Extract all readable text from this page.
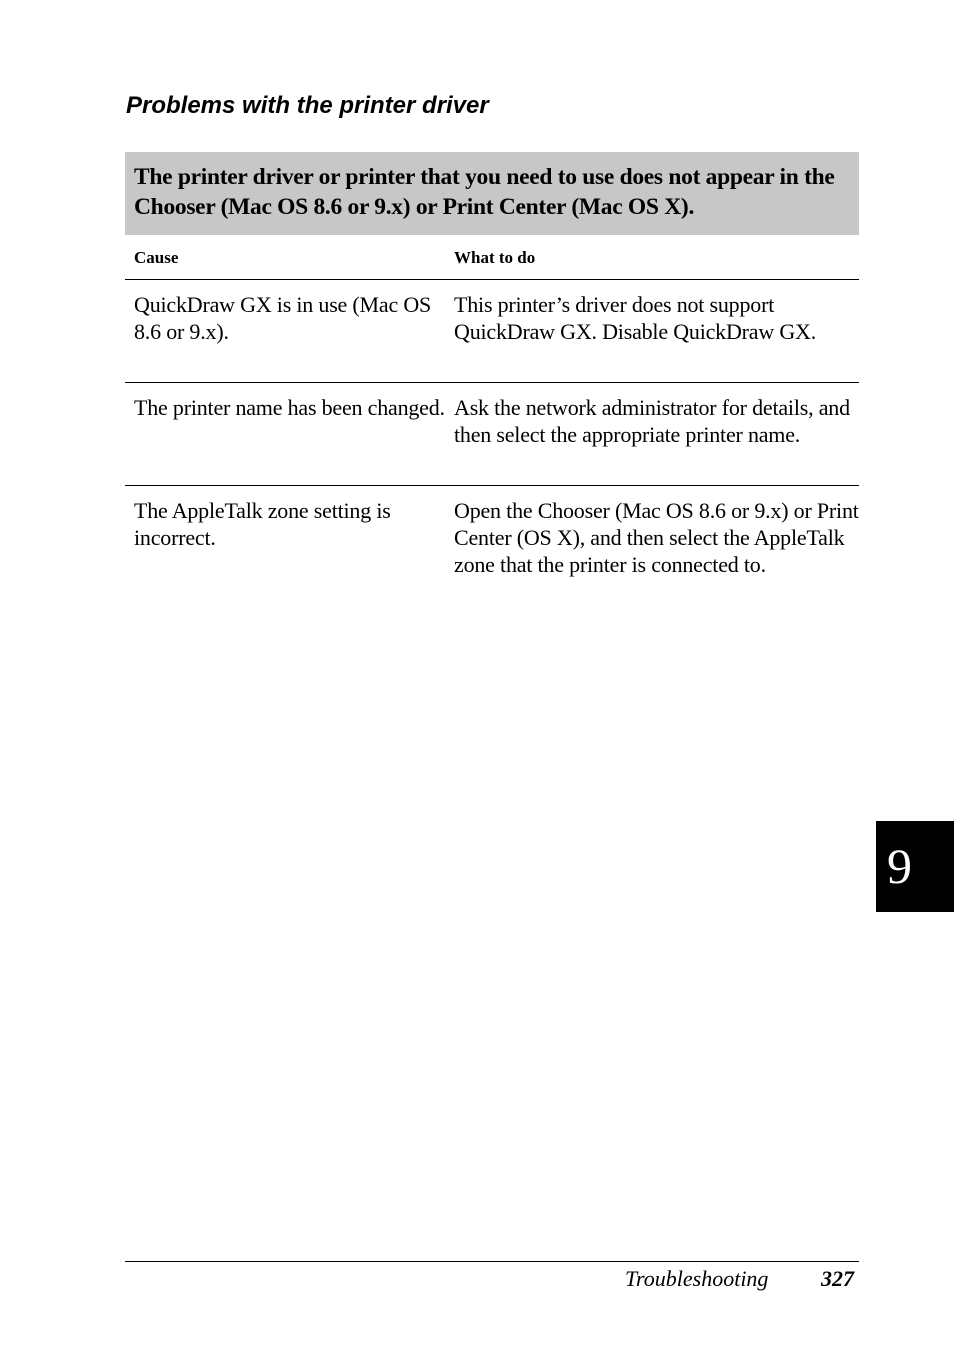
Problems with the printer driver
The printer driver or printer that you need to use does not appear in the Chooser (Mac OS 8.6 or 9.x) or Print Center (Mac OS X).
Cause	What to do
QuickDraw GX is in use (Mac OS 8.6 or 9.x).
This printer’s driver does not support QuickDraw GX. Disable QuickDraw GX.
The printer name has been changed. Ask the network administrator for details, and then select the appropriate printer name.
The AppleTalk zone setting is incorrect.
Open the Chooser (Mac OS 8.6 or 9.x) or Print Center (OS X), and then select the AppleTalk zone that the printer is connected to.
9
Troubleshooting 327
